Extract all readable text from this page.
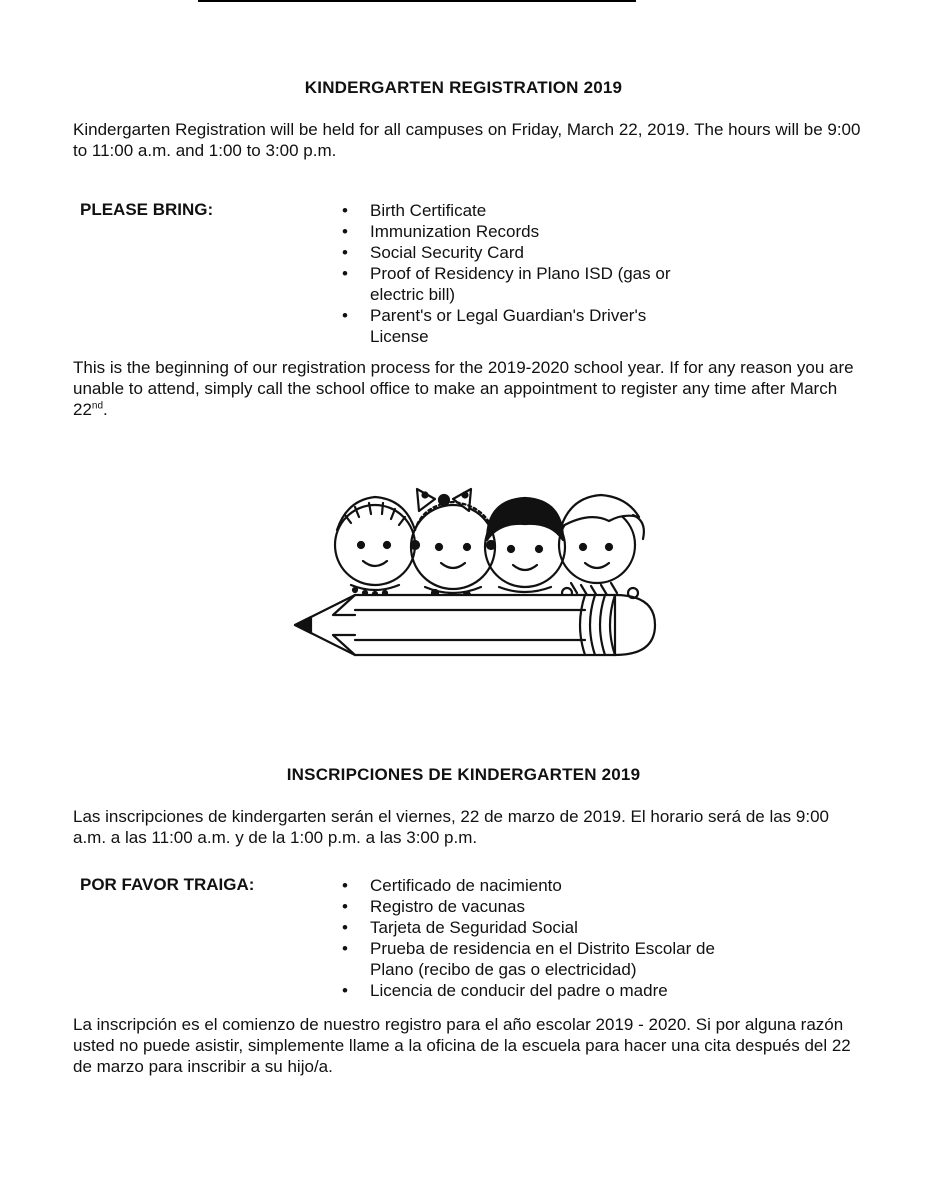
KINDERGARTEN REGISTRATION 2019

Kindergarten Registration will be held for all campuses on Friday, March 22, 2019. The hours will be 9:00 to 11:00 a.m. and 1:00 to 3:00 p.m.

PLEASE BRING:	• Birth Certificate
• Immunization Records
• Social Security Card
• Proof of Residency in Plano ISD (gas or electric bill)
• Parent's or Legal Guardian's Driver's License

This is the beginning of our registration process for the 2019-2020 school year. If for any reason you are unable to attend, simply call the school office to make an appointment to register any time after March 22nd.

INSCRIPCIONES DE KINDERGARTEN 2019

Las inscripciones de kindergarten serán el viernes, 22 de marzo de 2019. El horario será de las 9:00 a.m. a las 11:00 a.m. y de la 1:00 p.m. a las 3:00 p.m.

POR FAVOR TRAIGA:	• Certificado de nacimiento
• Registro de vacunas
• Tarjeta de Seguridad Social
• Prueba de residencia en el Distrito Escolar de Plano (recibo de gas o electricidad)
• Licencia de conducir del padre o madre

La inscripción es el comienzo de nuestro registro para el año escolar 2019 - 2020. Si por alguna razón usted no puede asistir, simplemente llame a la oficina de la escuela para hacer una cita después del 22 de marzo para inscribir a su hijo/a.
